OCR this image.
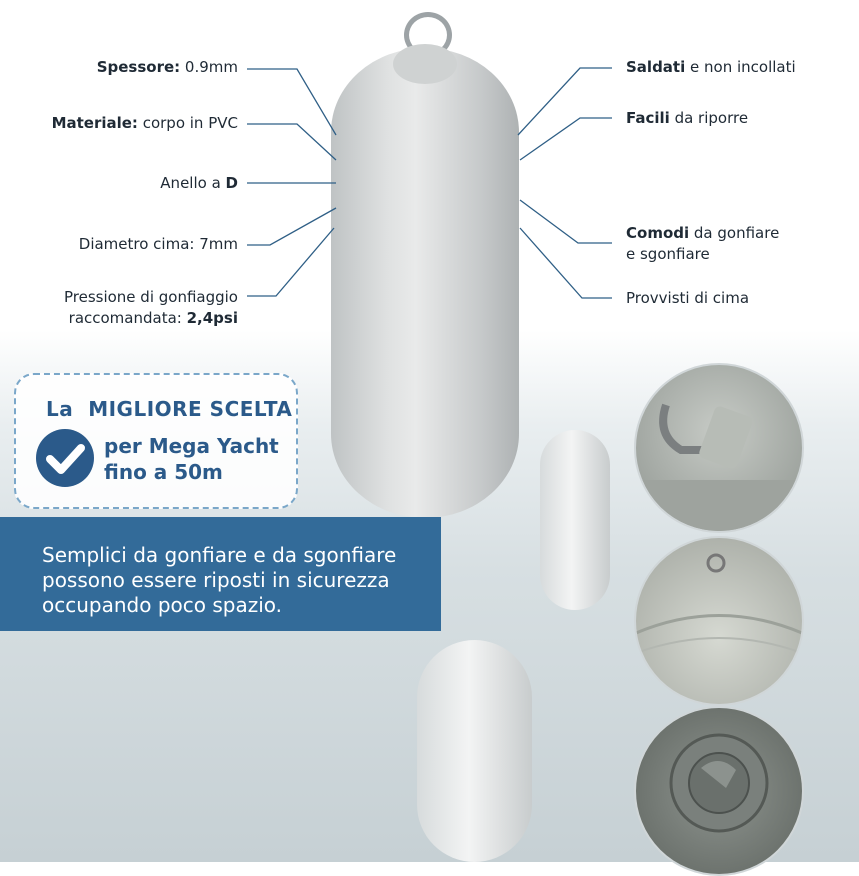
Spessore: 0.9mm
Materiale: corpo in PVC
Anello a D
Diametro cima: 7mm
Pressione di gonfiaggio
raccomandata: 2,4psi
Saldati e non incollati
Facili da riporre
Comodi da gonfiare
e sgonfiare
Provvisti di cima
La MIGLIORE SCELTA
per Mega Yacht
fino a 50m
Semplici da gonfiare e da sgonfiare
possono essere riposti in sicurezza
occupando poco spazio.
